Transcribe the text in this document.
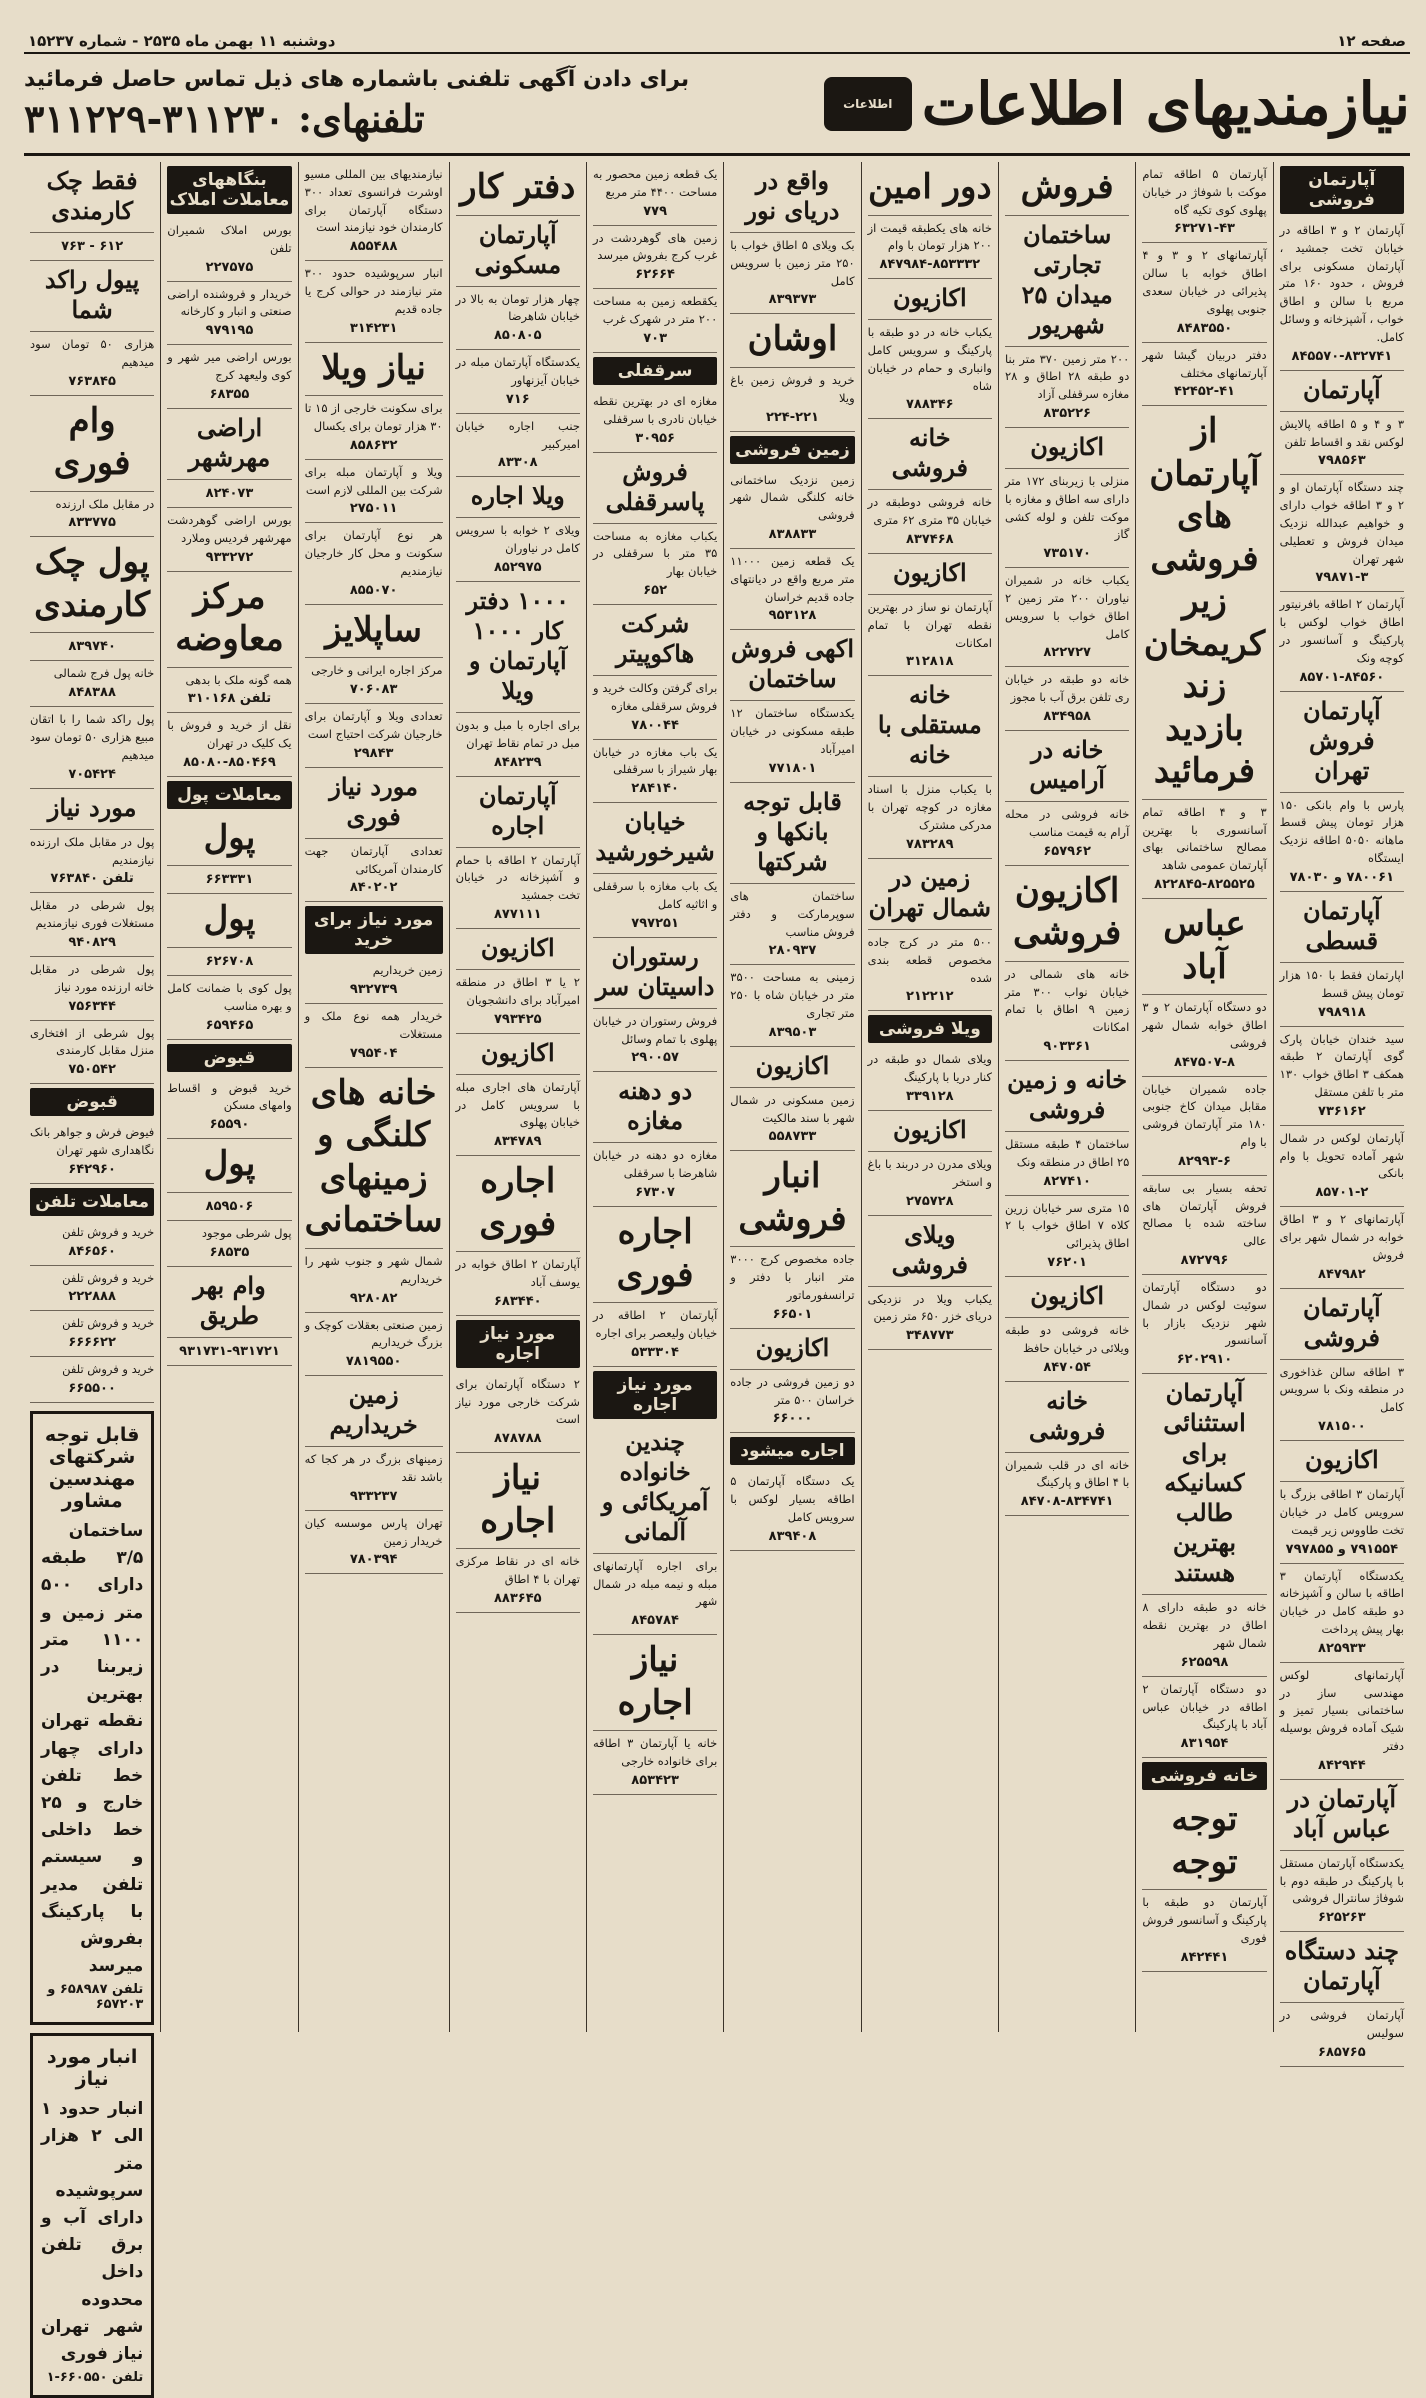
صفحه ۱۲
دوشنبه ۱۱ بهمن ماه ۲۵۳۵ - شماره ۱۵۲۳۷
نیازمندیهای اطلاعات
اطلاعات
برای دادن آگهی تلفنی باشماره های ذیل تماس حاصل فرمائید
تلفنهای: ۳۱۱۲۳۰-۳۱۱۲۲۹
آپارتمان فروشی
آپارتمان ۲ و ۳ اطاقه در خیابان تخت جمشید ، آپارتمان مسکونی برای فروش ، حدود ۱۶۰ متر مربع با سالن و اطاق خواب ، آشپزخانه و وسائل کامل.
۸۴۵۵۷۰-۸۳۲۷۴۱
آپارتمان
۳ و ۴ و ۵ اطاقه پالایش لوکس نقد و اقساط تلفن
۷۹۸۵۶۳
چند دستگاه آپارتمان او و ۲ و ۳ اطاقه خواب دارای و خواهیم عبدالله نزدیک میدان فروش و تعطیلی شهر تهران
۷۹۸۷۱-۳
آپارتمان ۲ اطاقه بافرنیتور اطاق خواب لوکس با پارکینگ و آسانسور در کوچه ونک
۸۵۷۰۱-۸۴۵۶۰
آپارتمان فروش تهران
پارس با وام بانکی ۱۵۰ هزار تومان پیش قسط ماهانه ۵۰۵۰ اطاقه نزدیک ایستگاه
۷۸۰۰۶۱ و ۷۸۰۳۰
آپارتمان قسطی
اپارتمان فقط با ۱۵۰ هزار تومان پیش قسط
۷۹۸۹۱۸
سید خندان خیابان پارک گوی آپارتمان ۲ طبقه همکف ۳ اطاق خواب ۱۳۰ متر با تلفن مستقل
۷۳۶۱۶۲
آپارتمان لوکس در شمال شهر آماده تحویل با وام بانکی
۸۵۷۰۱-۲
آپارتمانهای ۲ و ۳ اطاق خوابه در شمال شهر برای فروش
۸۴۷۹۸۲
آپارتمان فروشی
۳ اطاقه سالن غذاخوری در منطقه ونک با سرویس کامل
۷۸۱۵۰۰
اکازیون
آپارتمان ۳ اطاقی بزرگ با سرویس کامل در خیابان تخت طاووس زیر قیمت
۷۹۱۵۵۴ و ۷۹۷۸۵۵
یکدستگاه آپارتمان ۳ اطاقه با سالن و آشپزخانه دو طبقه کامل در خیابان بهار پیش پرداخت
۸۲۵۹۳۳
آپارتمانهای لوکس مهندسی ساز در ساختمانی بسیار تمیز و شیک آماده فروش بوسیله دفتر
۸۴۲۹۴۴
آپارتمان در عباس آباد
یکدستگاه آپارتمان مستقل با پارکینگ در طبقه دوم با شوفاژ سانترال فروشی
۶۲۵۲۶۳
چند دستگاه آپارتمان
آپارتمان فروشی در سولیس
۶۸۵۷۶۵
آپارتمان ۵ اطاقه تمام موکت با شوفاژ در خیابان پهلوی کوی تکیه گاه
۶۳۲۷۱-۴۳
آپارتمانهای ۲ و ۳ و ۴ اطاق خوابه با سالن پذیرائی در خیابان سعدی جنوبی پهلوی
۸۴۸۳۵۵۰
دفتر دربیان گیشا شهر آپارتمانهای مختلف
۴۲۴۵۲-۴۱
از آپارتمان های فروشی زیر کریمخان زند بازدید فرمائید
۳ و ۴ اطاقه تمام آسانسوری با بهترین مصالح ساختمانی بهای آپارتمان عمومی شاهد
۸۲۲۸۴۵-۸۲۵۵۲۵
عباس آباد
دو دستگاه آپارتمان ۲ و ۳ اطاق خوابه شمال شهر فروشی
۸۴۷۵۰۷-۸
جاده شمیران خیابان مقابل میدان کاخ جنوبی ۱۸۰ متر آپارتمان فروشی با وام
۸۲۹۹۳-۶
تحفه بسیار بی سابقه فروش آپارتمان های ساخته شده با مصالح عالی
۸۷۲۷۹۶
دو دستگاه آپارتمان سوئیت لوکس در شمال شهر نزدیک بازار با آسانسور
۶۲۰۲۹۱۰
آپارتمان استثنائی برای کسانیکه طالب بهترین هستند
خانه دو طبقه دارای ۸ اطاق در بهترین نقطه شمال شهر
۶۲۵۵۹۸
دو دستگاه آپارتمان ۲ اطاقه در خیابان عباس آباد با پارکینگ
۸۳۱۹۵۴
خانه فروشی
توجه توجه
آپارتمان دو طبقه با پارکینگ و آسانسور فروش فوری
۸۴۲۴۴۱
فروش
ساختمان تجارتی میدان ۲۵ شهریور
۲۰۰ متر زمین ۳۷۰ متر بنا دو طبقه ۲۸ اطاق و ۲۸ مغازه سرقفلی آزاد
۸۳۵۲۲۶
اکازیون
منزلی با زیربنای ۱۷۲ متر دارای سه اطاق و مغازه با موکت تلفن و لوله کشی گاز
۷۳۵۱۷۰
یکباب خانه در شمیران نیاوران ۲۰۰ متر زمین ۲ اطاق خواب با سرویس کامل
۸۲۲۷۲۷
خانه دو طبقه در خیابان ری تلفن برق آب با مجوز
۸۳۴۹۵۸
خانه در آرامیس
خانه فروشی در محله آرام به قیمت مناسب
۶۵۷۹۶۲
اکازیون فروشی
خانه های شمالی در خیابان نواب ۳۰۰ متر زمین ۹ اطاق با تمام امکانات
۹۰۳۳۶۱
خانه و زمین فروشی
ساختمان ۴ طبقه مستقل ۲۵ اطاق در منطقه ونک
۸۲۷۴۱۰
۱۵ متری سر خیابان زرین کلاه ۷ اطاق خواب با ۲ اطاق پذیرائی
۷۶۲۰۱
اکازیون
خانه فروشی دو طبقه ویلائی در خیابان حافظ
۸۴۷۰۵۴
خانه فروشی
خانه ای در قلب شمیران با ۴ اطاق و پارکینگ
۸۴۷۰۸-۸۳۴۷۴۱
دور امین
خانه های یکطبقه قیمت از ۲۰۰ هزار تومان با وام
۸۴۷۹۸۴-۸۵۳۳۳۲
اکازیون
یکباب خانه در دو طبقه با پارکینگ و سرویس کامل وانباری و حمام در خیابان شاه
۷۸۸۳۴۶
خانه فروشی
خانه فروشی دوطبقه در خیابان ۳۵ متری ۶۲ متری
۸۳۷۴۶۸
اکازیون
آپارتمان نو ساز در بهترین نقطه تهران با تمام امکانات
۳۱۲۸۱۸
خانه مستقلی با خانه
با یکباب منزل با اسناد مغازه در کوچه تهران با مدرکی مشترک
۷۸۳۲۸۹
زمین در شمال تهران
۵۰۰ متر در کرج جاده مخصوص قطعه بندی شده
۲۱۲۲۱۲
ویلا فروشی
ویلای شمال دو طبقه در کنار دریا با پارکینگ
۳۳۹۱۲۸
اکازیون
ویلای مدرن در دربند با باغ و استخر
۲۷۵۷۲۸
ویلای فروشی
یکباب ویلا در نزدیکی دریای خزر ۶۵۰ متر زمین
۳۴۸۷۷۳
واقع در دریای نور
بک ویلای ۵ اطاق خواب با ۲۵۰ متر زمین با سرویس کامل
۸۳۹۳۷۳
اوشان
خرید و فروش زمین باغ ویلا
۲۲۴-۲۲۱
زمین فروشی
زمین نزدیک ساختمانی خانه کلنگی شمال شهر فروشی
۸۳۸۸۳۳
یک قطعه زمین ۱۱۰۰۰ متر مربع واقع در دیانتهای جاده قدیم خراسان
۹۵۳۱۲۸
اکهی فروش ساختمان
یکدستگاه ساختمان ۱۲ طبقه مسکونی در خیابان امیرآباد
۷۷۱۸۰۱
قابل توجه بانکها و شرکتها
ساختمان های سوپرمارکت و دفتر فروش مناسب
۲۸۰۹۳۷
زمینی به مساحت ۳۵۰۰ متر در خیابان شاه با ۲۵۰ متر تجاری
۸۳۹۵۰۳
اکازیون
زمین مسکونی در شمال شهر با سند مالکیت
۵۵۸۷۳۳
انبار فروشی
جاده مخصوص کرج ۳۰۰۰ متر انبار با دفتر و ترانسفورماتور
۶۶۵۰۱
اکازیون
دو زمین فروشی در جاده خراسان ۵۰۰ متر
۶۶۰۰۰
اجاره میشود
یک دستگاه آپارتمان ۵ اطاقه بسیار لوکس با سرویس کامل
۸۳۹۴۰۸
یک قطعه زمین محصور به مساحت ۴۴۰۰ متر مربع
۷۷۹
زمین های گوهردشت در غرب کرج بفروش میرسد
۶۲۶۶۴
یکقطعه زمین به مساحت ۲۰۰ متر در شهرک غرب
۷۰۳
سرقفلی
مغازه ای در بهترین نقطه خیابان نادری با سرقفلی
۳۰۹۵۶
فروش پاسرقفلی
یکباب مغازه به مساحت ۳۵ متر با سرقفلی در خیابان بهار
۶۵۲
شرکت هاکوپیتر
برای گرفتن وکالت خرید و فروش سرقفلی مغازه
۷۸۰۰۴۴
یک باب مغازه در خیابان بهار شیراز با سرقفلی
۲۸۴۱۴۰
خیابان شیرخورشید
یک باب مغازه با سرقفلی و اثاثیه کامل
۷۹۷۲۵۱
رستوران داسیتان سر
فروش رستوران در خیابان پهلوی با تمام وسائل
۲۹۰۰۵۷
دو دهنه مغازه
مغازه دو دهنه در خیابان شاهرضا با سرقفلی
۶۷۳۰۷
اجاره فوری
آپارتمان ۲ اطاقه در خیابان ولیعصر برای اجاره
۵۳۳۳۰۴
مورد نیاز اجاره
چندین خانواده آمریکائی و آلمانی
برای اجاره آپارتمانهای مبله و نیمه مبله در شمال شهر
۸۴۵۷۸۴
نیاز اجاره
خانه یا آپارتمان ۳ اطاقه برای خانواده خارجی
۸۵۳۴۲۳
دفتر کار
آپارتمان مسکونی
چهار هزار تومان به بالا در خیابان شاهرضا
۸۵۰۸۰۵
یکدستگاه آپارتمان مبله در خیابان آیزنهاور
۷۱۶
جنب اجاره خیابان امیرکبیر
۸۳۳۰۸
ویلا اجاره
ویلای ۲ خوابه با سرویس کامل در نیاوران
۸۵۲۹۷۵
۱۰۰۰ دفتر کار ۱۰۰۰ آپارتمان و ویلا
برای اجاره با مبل و بدون مبل در تمام نقاط تهران
۸۴۸۲۳۹
آپارتمان اجاره
آپارتمان ۲ اطاقه با حمام و آشپزخانه در خیابان تخت جمشید
۸۷۷۱۱۱
اکازیون
۲ یا ۳ اطاق در منطقه امیرآباد برای دانشجویان
۷۹۳۴۲۵
اکازیون
آپارتمان های اجاری مبله با سرویس کامل در خیابان پهلوی
۸۳۴۷۸۹
اجاره فوری
آپارتمان ۲ اطاق خوابه در یوسف آباد
۶۸۳۴۴۰
مورد نیاز اجاره
۲ دستگاه آپارتمان برای شرکت خارجی مورد نیاز است
۸۷۸۷۸۸
نیاز اجاره
خانه ای در نقاط مرکزی تهران با ۴ اطاق
۸۸۳۶۴۵
نیازمندیهای بین المللی مسیو اوشرت فرانسوی تعداد ۳۰۰ دستگاه آپارتمان برای کارمندان خود نیازمند است
۸۵۵۴۸۸
انبار سرپوشیده حدود ۳۰۰ متر نیازمند در حوالی کرج یا جاده قدیم
۳۱۴۲۳۱
نیاز ویلا
برای سکونت خارجی از ۱۵ تا ۳۰ هزار تومان برای یکسال
۸۵۸۶۳۲
ویلا و آپارتمان مبله برای شرکت بین المللی لازم است
۲۷۵۰۱۱
هر نوع آپارتمان برای سکونت و محل کار خارجیان نیازمندیم
۸۵۵۰۷۰
ساپلایز
مرکز اجاره ایرانی و خارجی
۷۰۶۰۸۳
تعدادی ویلا و آپارتمان برای خارجیان شرکت احتیاج است
۲۹۸۴۳
مورد نیاز فوری
تعدادی آپارتمان جهت کارمندان آمریکائی
۸۴۰۲۰۲
مورد نیاز برای خرید
زمین خریداریم
۹۳۲۷۳۹
خریدار همه نوع ملک و مستغلات
۷۹۵۴۰۴
خانه های کلنگی و زمینهای ساختمانی
شمال شهر و جنوب شهر را خریداریم
۹۲۸۰۸۲
زمین صنعتی بعقلات کوچک و بزرگ خریداریم
۷۸۱۹۵۵۰
زمین خریداریم
زمینهای بزرگ در هر کجا که باشد نقد
۹۳۳۲۳۷
تهران پارس موسسه کیان خریدار زمین
۷۸۰۳۹۴
بنگاههای معاملات املاک
بورس املاک شمیران تلفن
۲۲۷۵۷۵
خریدار و فروشنده اراضی صنعتی و انبار و کارخانه
۹۷۹۱۹۵
بورس اراضی میر شهر و کوی ولیعهد کرج
۶۸۳۵۵
اراضی مهرشهر
۸۲۴۰۷۳
بورس اراضی گوهردشت مهرشهر فردیس وملارد
۹۳۳۲۷۲
مرکز معاوضه
همه گونه ملک با بدهی
تلفن ۳۱۰۱۶۸
نقل از خرید و فروش با یک کلیک در تهران
۸۵۰۸۰-۸۵۰۴۶۹
معاملات پول
پول
۶۶۳۳۳۱
پول
۶۲۶۷۰۸
پول کوی با ضمانت کامل و بهره مناسب
۶۵۹۴۶۵
قبوض
خرید قبوض و اقساط وامهای مسکن
۶۵۵۹۰
پول
۸۵۹۵۰۶
پول شرطی موجود
۶۸۵۳۵
وام بهر طریق
۹۳۱۷۳۱-۹۳۱۷۲۱
فقط چک کارمندی
۶۱۲ - ۷۶۳
پیول راکد شما
هزاری ۵۰ تومان سود میدهیم
۷۶۳۸۴۵
وام فوری
در مقابل ملک ارزنده
۸۳۳۷۷۵
پول چک کارمندی
۸۳۹۷۴۰
خانه پول فرج شمالی
۸۴۸۳۸۸
پول راکد شما را با اتقان مبیع هزاری ۵۰ تومان سود میدهیم
۷۰۵۴۲۴
مورد نیاز
پول در مقابل ملک ارزنده نیازمندیم
تلفن ۷۶۳۸۴۰
پول شرطی در مقابل مستغلات فوری نیازمندیم
۹۴۰۸۲۹
پول شرطی در مقابل خانه ارزنده مورد نیاز
۷۵۶۳۴۴
پول شرطی از افتخاری منزل مقابل کارمندی
۷۵۰۵۴۲
قبوض
فیوض فرش و جواهر بانک نگاهداری شهر تهران
۶۴۲۹۶۰
معاملات تلفن
خرید و فروش تلفن
۸۴۶۵۶۰
خرید و فروش تلفن
۲۲۲۸۸۸
خرید و فروش تلفن
۶۶۶۶۲۲
خرید و فروش تلفن
۶۶۵۵۰۰
قابل توجه شرکتهای مهندسین مشاور
ساختمان ۳/۵ طبقه دارای ۵۰۰ متر زمین و ۱۱۰۰ متر زیربنا در بهترین نقطه تهران دارای چهار خط تلفن خارج و ۲۵ خط داخلی و سیستم تلفن مدیر با پارکینگ بفروش میرسد
تلفن ۶۵۸۹۸۷ و ۶۵۷۲۰۳
انبار مورد نیاز
انبار حدود ۱ الی ۲ هزار متر سرپوشیده دارای آب و برق تلفن داخل محدوده شهر تهران نیاز فوری
تلفن ۶۶۰۵۵۰-۱
